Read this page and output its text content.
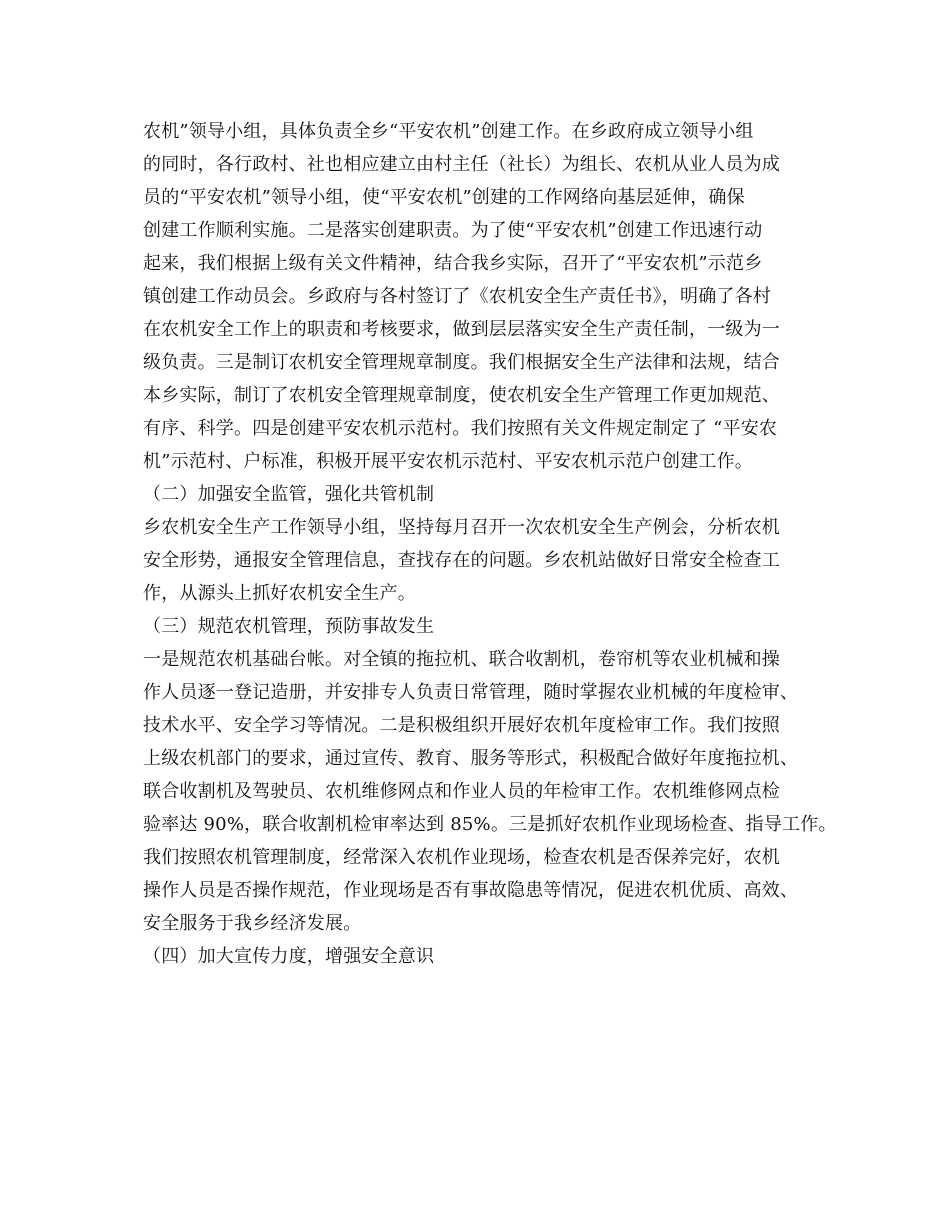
农机”领导小组，具体负责全乡“平安农机”创建工作。在乡政府成立领导小组
的同时，各行政村、社也相应建立由村主任（社长）为组长、农机从业人员为成
员的“平安农机”领导小组，使“平安农机”创建的工作网络向基层延伸，确保
创建工作顺利实施。二是落实创建职责。为了使“平安农机”创建工作迅速行动
起来，我们根据上级有关文件精神，结合我乡实际，召开了“平安农机”示范乡
镇创建工作动员会。乡政府与各村签订了《农机安全生产责任书》，明确了各村
在农机安全工作上的职责和考核要求，做到层层落实安全生产责任制，一级为一
级负责。三是制订农机安全管理规章制度。我们根据安全生产法律和法规，结合
本乡实际，制订了农机安全管理规章制度，使农机安全生产管理工作更加规范、
有序、科学。四是创建平安农机示范村。我们按照有关文件规定制定了 “平安农
机”示范村、户标准，积极开展平安农机示范村、平安农机示范户创建工作。
（二）加强安全监管，强化共管机制
乡农机安全生产工作领导小组，坚持每月召开一次农机安全生产例会，分析农机
安全形势，通报安全管理信息，查找存在的问题。乡农机站做好日常安全检查工
作，从源头上抓好农机安全生产。
（三）规范农机管理，预防事故发生
一是规范农机基础台帐。对全镇的拖拉机、联合收割机，卷帘机等农业机械和操
作人员逐一登记造册，并安排专人负责日常管理，随时掌握农业机械的年度检审、
技术水平、安全学习等情况。二是积极组织开展好农机年度检审工作。我们按照
上级农机部门的要求，通过宣传、教育、服务等形式，积极配合做好年度拖拉机、
联合收割机及驾驶员、农机维修网点和作业人员的年检审工作。农机维修网点检
验率达 90%，联合收割机检审率达到 85%。三是抓好农机作业现场检查、指导工作。
我们按照农机管理制度，经常深入农机作业现场，检查农机是否保养完好，农机
操作人员是否操作规范，作业现场是否有事故隐患等情况，促进农机优质、高效、
安全服务于我乡经济发展。
（四）加大宣传力度，增强安全意识
